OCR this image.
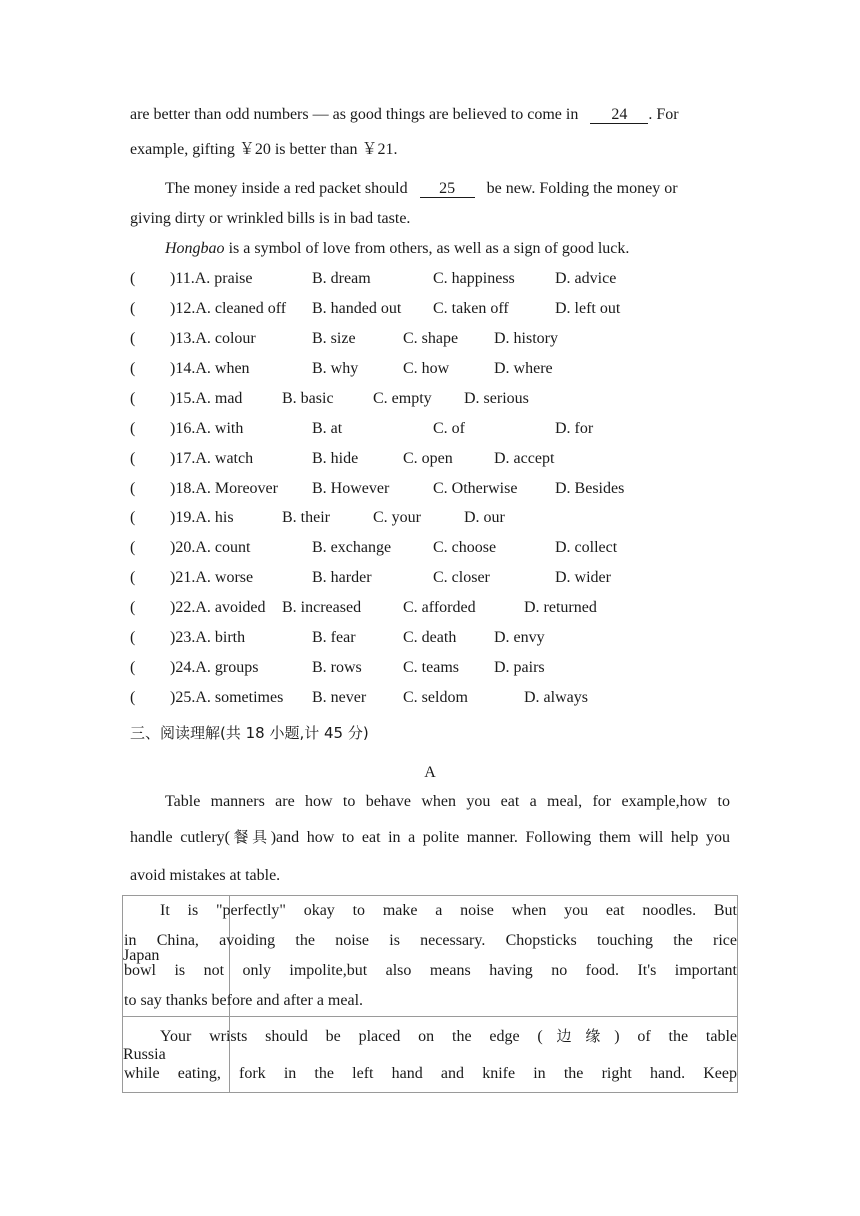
are better than odd numbers — as good things are believed to come in 24 . For
example, gifting ￥20 is better than ￥21.
The money inside a red packet should 25 be new. Folding the money or
giving dirty or wrinkled bills is in bad taste.
Hongbao is a symbol of love from others, as well as a sign of good luck.
( )11.A. praise	B. dream	C. happiness	D. advice
( )12.A. cleaned off B. handed out C. taken off	D. left out
( )13.A. colour	B. size	C. shape D. history
( )14.A. when	B. why	C. how	D. where
( )15.A. mad B. basic C. empty D. serious
( )16.A. with	B. at	C. of	D. for
( )17.A. watch	B. hide	C. open	D. accept
( )18.A. Moreover B. However	C. Otherwise D. Besides
( )19.A. his	B. their	C. your	D. our
( )20.A. count	B. exchange	C. choose	D. collect
( )21.A. worse	B. harder	C. closer	D. wider
( )22.A. avoided B. increased	C. afforded	D. returned
( )23.A. birth	B. fear	C. death D. envy
( )24.A. groups	B. rows	C. teams D. pairs
( )25.A. sometimes B. never C. seldom	D. always
三、阅读理解(共 18 小题,计 45 分)
A
Table manners are how to behave when you eat a meal, for example,how to
handle cutlery(餐具)and how to eat in a polite manner. Following them will help you
avoid mistakes at table.
Japan	It is "perfectly" okay to make a noise when you eat noodles. But
in China, avoiding the noise is necessary. Chopsticks touching the rice
bowl is not only impolite,but also means having no food. It's important
to say thanks before and after a meal.

Russia	Your wrists should be placed on the edge (边缘) of the table
while eating, fork in the left hand and knife in the right hand. Keep
